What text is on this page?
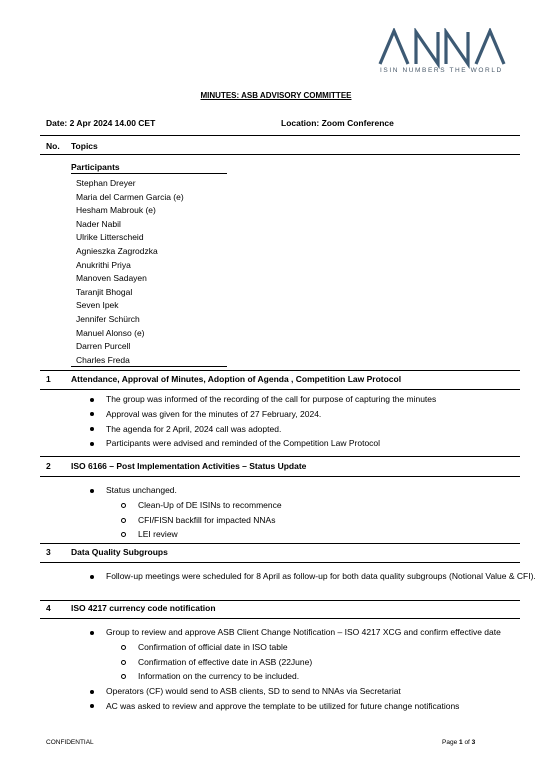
ISIN NUMBERS THE WORLD
MINUTES: ASB ADVISORY COMMITTEE
Date: 2 Apr 2024 14.00 CET	Location: Zoom Conference
No. Topics
Participants
Stephan Dreyer
Maria del Carmen Garcia (e)
Hesham Mabrouk (e)
Nader Nabil
Ulrike Litterscheid
Agnieszka Zagrodzka
Anukrithi Priya
Manoven Sadayen
Taranjit Bhogal
Seven Ipek
Jennifer Schürch
Manuel Alonso (e)
Darren Purcell
Charles Freda
1 Attendance, Approval of Minutes, Adoption of Agenda , Competition Law Protocol
The group was informed of the recording of the call for purpose of capturing the minutes
Approval was given for the minutes of 27 February, 2024.
The agenda for 2 April, 2024 call was adopted.
Participants were advised and reminded of the Competition Law Protocol
2 ISO 6166 – Post Implementation Activities – Status Update
Status unchanged.
Clean-Up of DE ISINs to recommence
CFI/FISN backfill for impacted NNAs
LEI review
3 Data Quality Subgroups
Follow-up meetings were scheduled for 8 April as follow-up for both data quality subgroups (Notional Value & CFI).
4 ISO 4217 currency code notification
Group to review and approve ASB Client Change Notification – ISO 4217 XCG and confirm effective date
Confirmation of official date in ISO table
Confirmation of effective date in ASB (22June)
Information on the currency to be included.
Operators (CF) would send to ASB clients, SD to send to NNAs via Secretariat
AC was asked to review and approve the template to be utilized for future change notifications
CONFIDENTIAL	Page 1 of 3
